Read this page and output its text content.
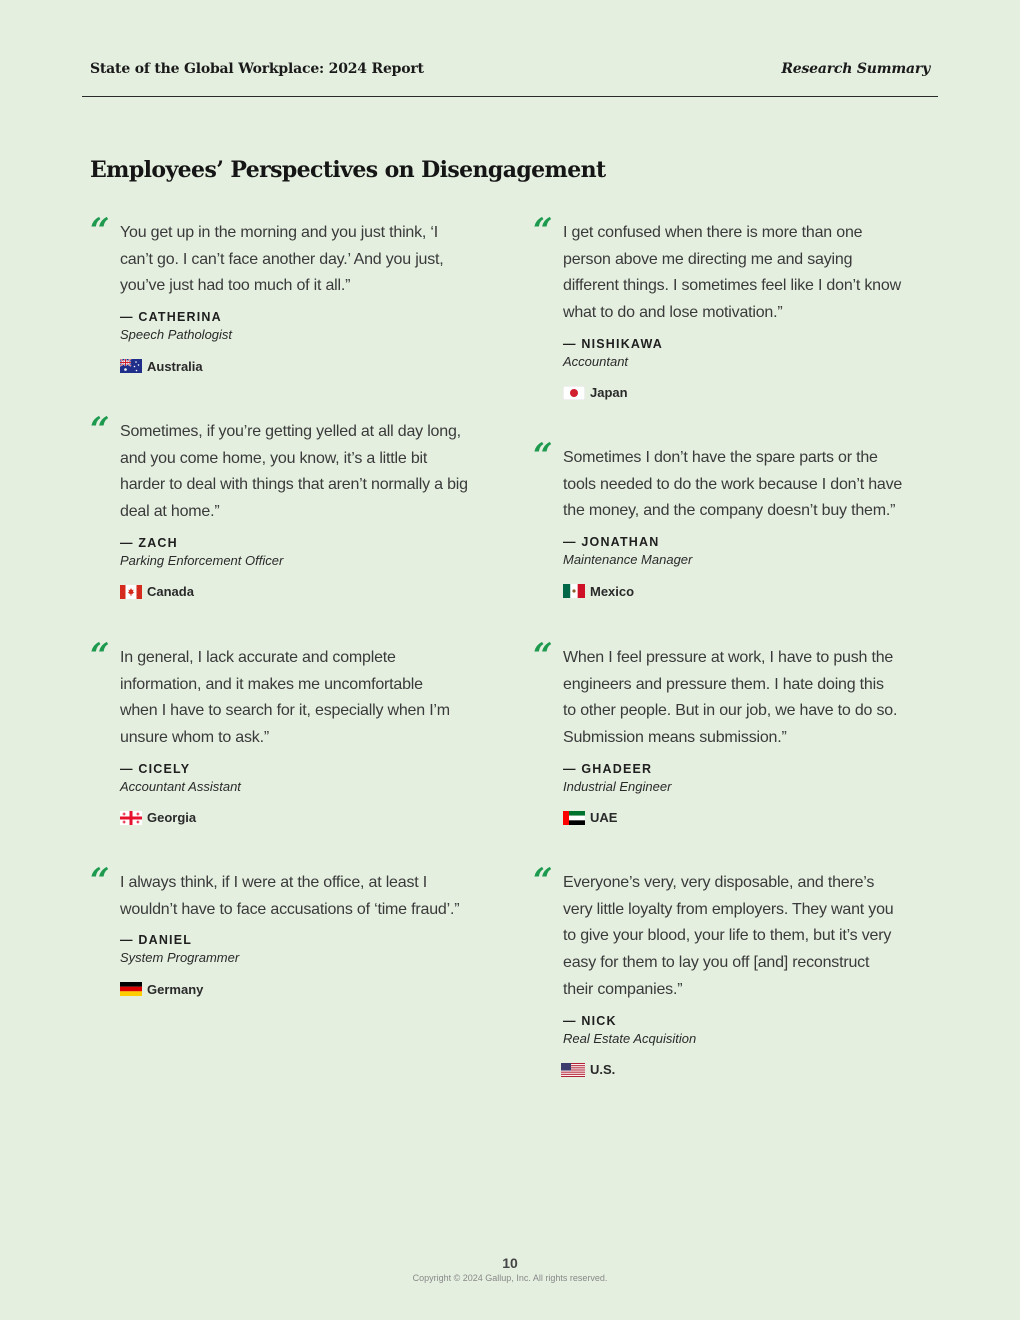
State of the Global Workplace: 2024 Report	Research Summary
Employees’ Perspectives on Disengagement
“ You get up in the morning and you just think, ‘I
can’t go. I can’t face another day.’ And you just,
you’ve just had too much of it all.”

— CATHERINA
Speech Pathologist
Australia
“ I get confused when there is more than one
person above me directing me and saying
different things. I sometimes feel like I don’t know
what to do and lose motivation.”

— NISHIKAWA
Accountant
Japan
“ Sometimes, if you’re getting yelled at all day long,
and you come home, you know, it’s a little bit
harder to deal with things that aren’t normally a big
deal at home.”

— ZACH
Parking Enforcement Officer
Canada
“ Sometimes I don’t have the spare parts or the
tools needed to do the work because I don’t have
the money, and the company doesn’t buy them.”

— JONATHAN
Maintenance Manager
Mexico
“ In general, I lack accurate and complete
information, and it makes me uncomfortable
when I have to search for it, especially when I’m
unsure whom to ask.”

— CICELY
Accountant Assistant
Georgia
“ When I feel pressure at work, I have to push the
engineers and pressure them. I hate doing this
to other people. But in our job, we have to do so.
Submission means submission.”

— GHADEER
Industrial Engineer
UAE
“ I always think, if I were at the office, at least I
wouldn’t have to face accusations of ‘time fraud’.”

— DANIEL
System Programmer
Germany
“ Everyone’s very, very disposable, and there’s
very little loyalty from employers. They want you
to give your blood, your life to them, but it’s very
easy for them to lay you off [and] reconstruct
their companies.”

— NICK
Real Estate Acquisition
U.S.
10
Copyright © 2024 Gallup, Inc. All rights reserved.
